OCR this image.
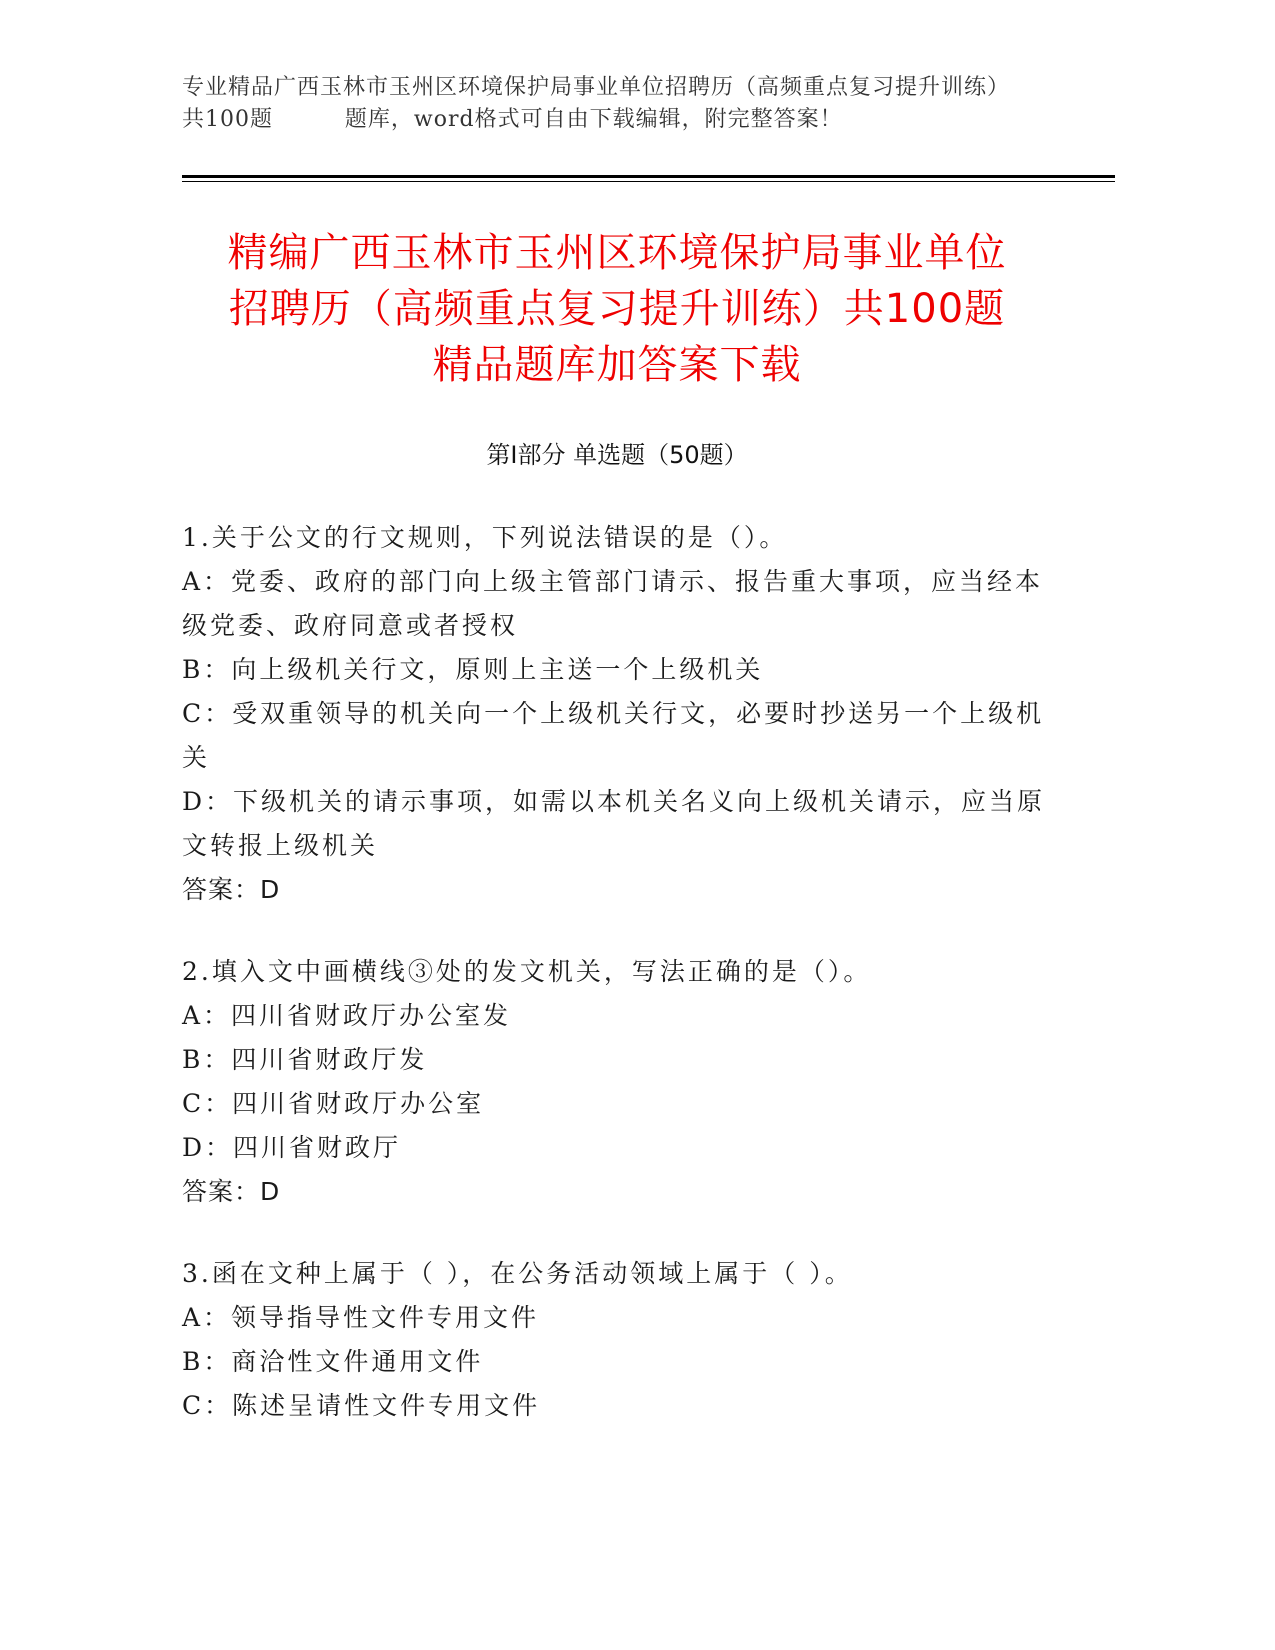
专业精品广西玉林市玉州区环境保护局事业单位招聘历（高频重点复习提升训练）
共100题         题库，word格式可自由下载编辑，附完整答案！
精编广西玉林市玉州区环境保护局事业单位
招聘历（高频重点复习提升训练）共100题
精品题库加答案下载
第Ⅰ部分 单选题（50题）

1.关于公文的行文规则，下列说法错误的是（）。

A：党委、政府的部门向上级主管部门请示、报告重大事项，应当经本级党委、政府同意或者授权

B：向上级机关行文，原则上主送一个上级机关

C：受双重领导的机关向一个上级机关行文，必要时抄送另一个上级机关

D：下级机关的请示事项，如需以本机关名义向上级机关请示，应当原文转报上级机关

答案：D

2.填入文中画横线③处的发文机关，写法正确的是（）。

A：四川省财政厅办公室发

B：四川省财政厅发

C：四川省财政厅办公室

D：四川省财政厅

答案：D

3.函在文种上属于（ ），在公务活动领域上属于（ ）。

A：领导指导性文件专用文件

B：商洽性文件通用文件

C：陈述呈请性文件专用文件
